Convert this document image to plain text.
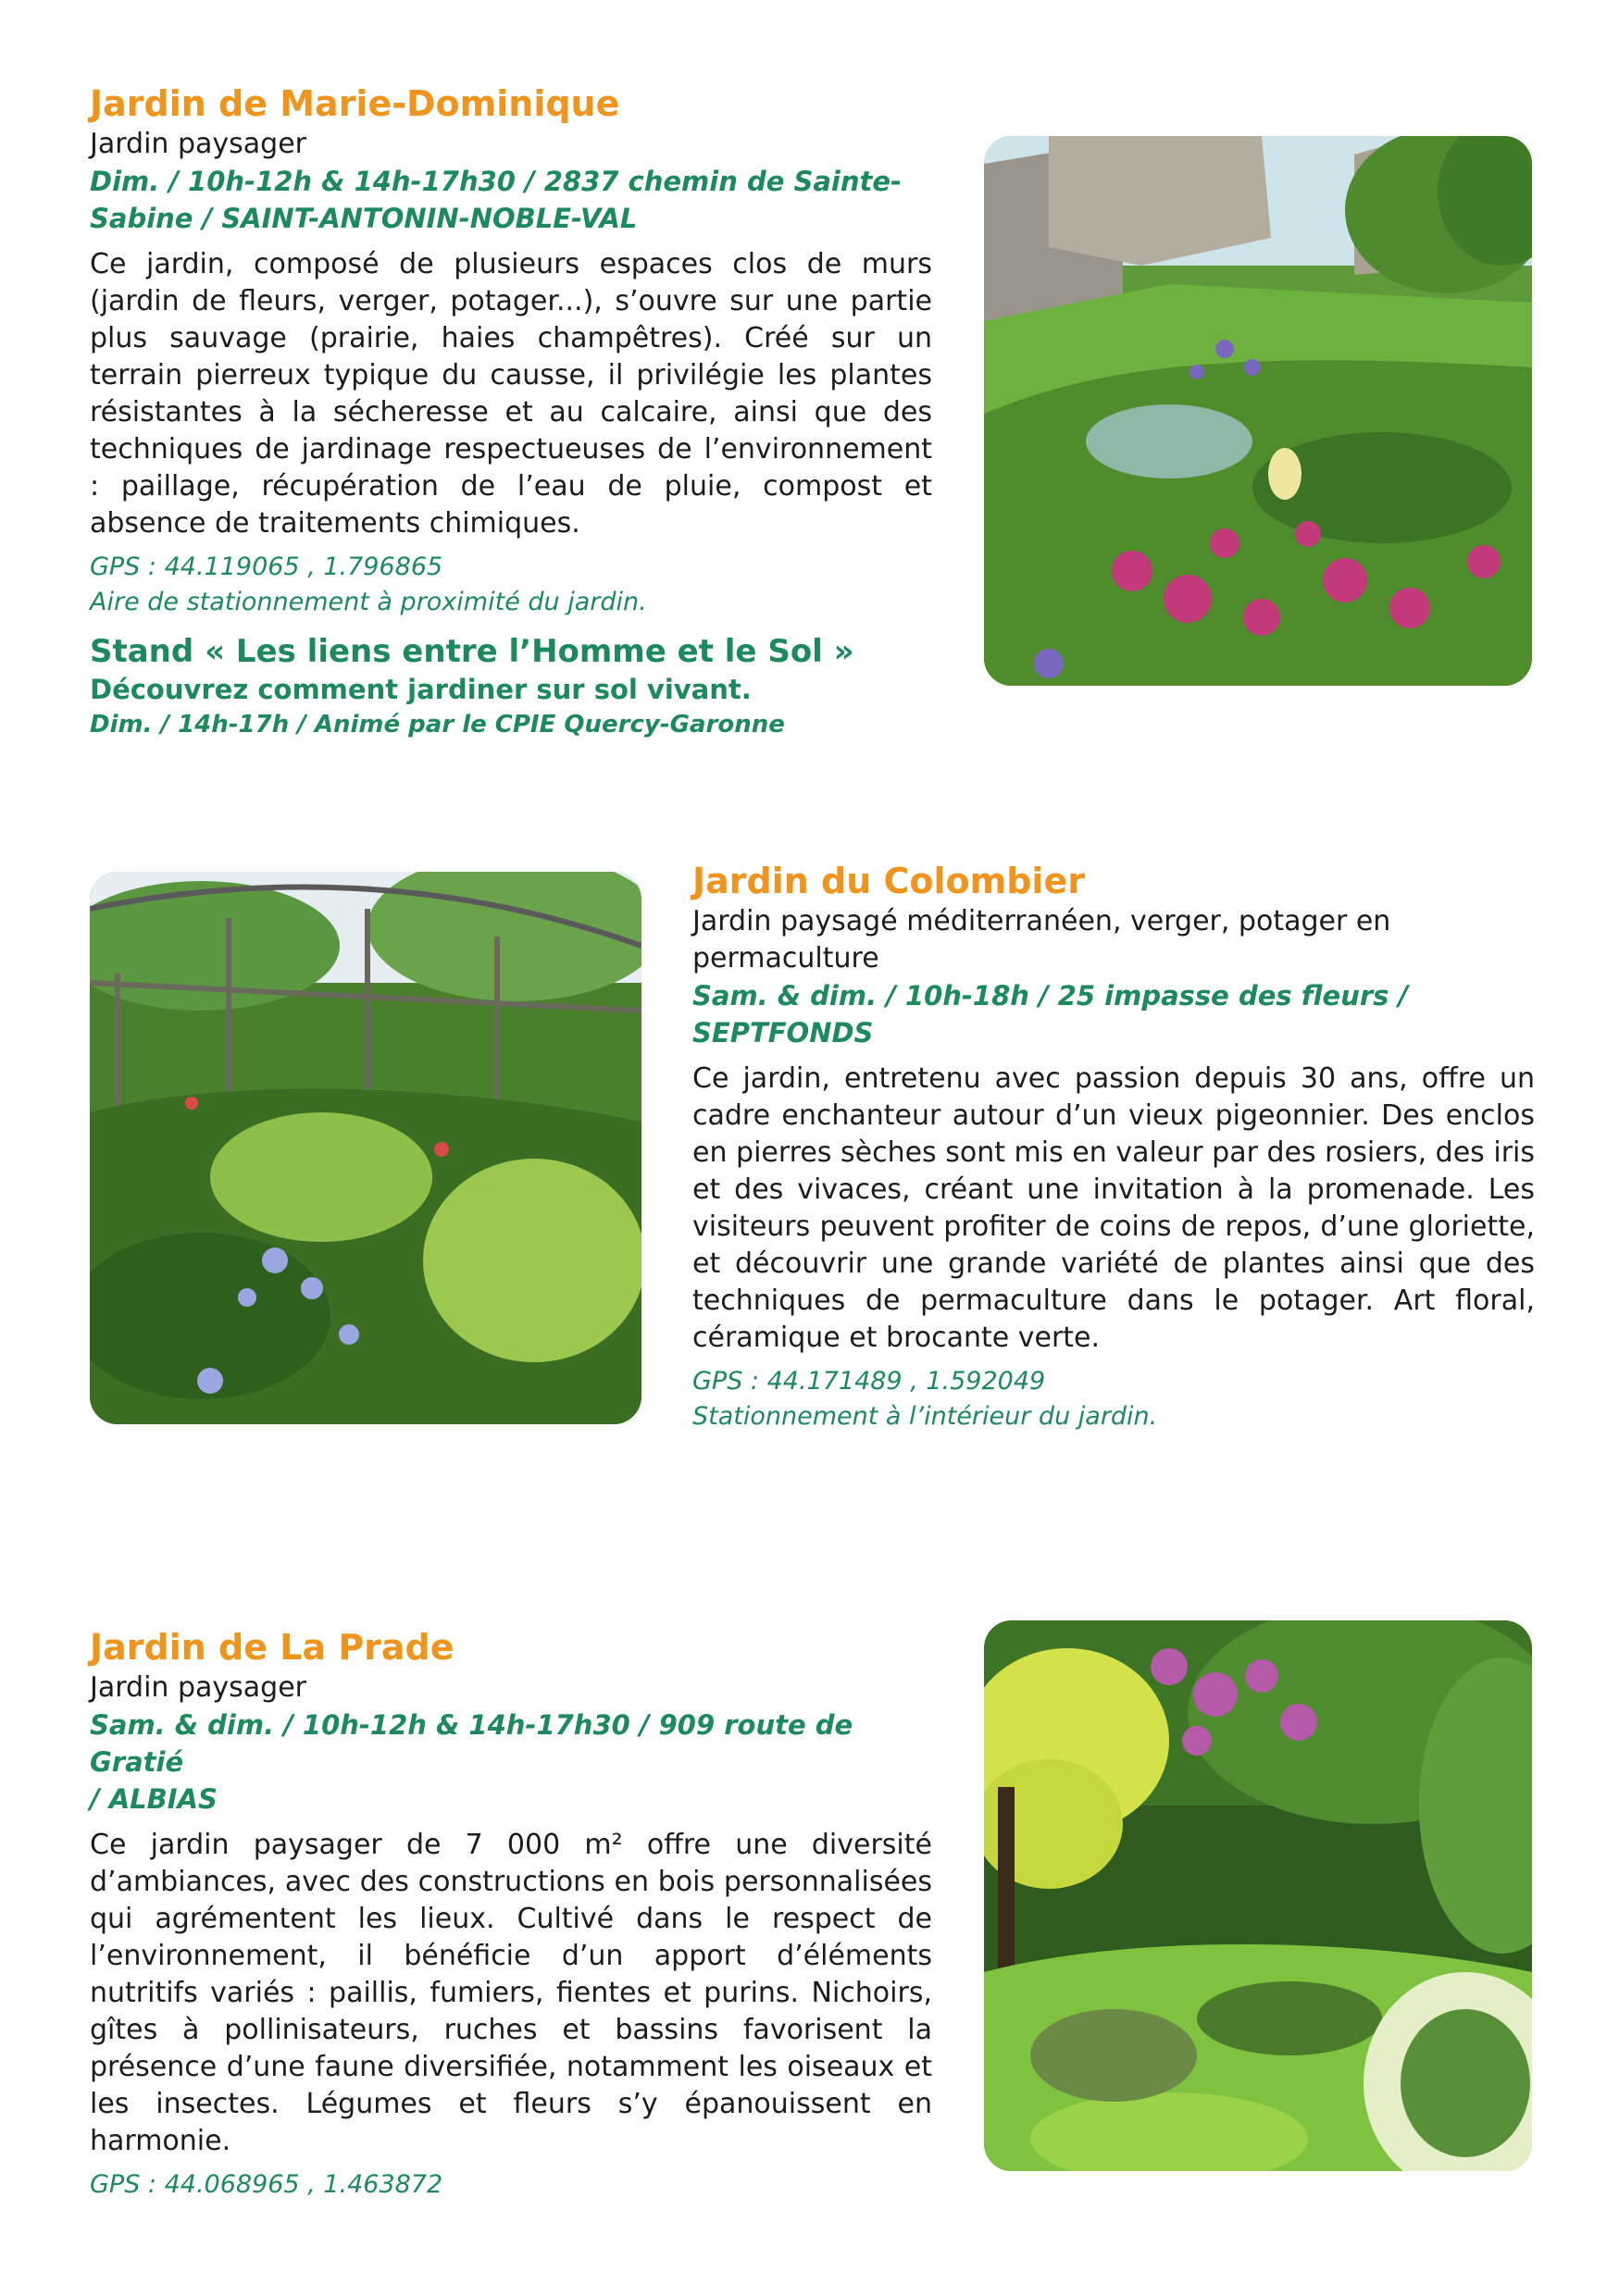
Jardin de Marie-Dominique

Jardin paysager

Dim. / 10h-12h & 14h-17h30 / 2837 chemin de Sainte-

Sabine / SAINT-ANTONIN-NOBLE-VAL

Ce jardin, composé de plusieurs espaces clos de murs (jardin de fleurs, verger, potager...), s’ouvre sur une partie plus sauvage (prairie, haies champêtres). Créé sur un terrain pierreux typique du causse, il privilégie les plantes résistantes à la sécheresse et au calcaire, ainsi que des techniques de jardinage respectueuses de l’environnement : paillage, récupération de l’eau de pluie, compost et absence de traitements chimiques.

GPS : 44.119065 , 1.796865

Aire de stationnement à proximité du jardin.

Stand « Les liens entre l’Homme et le Sol »

Découvrez comment jardiner sur sol vivant.

Dim. / 14h-17h / Animé par le CPIE Quercy-Garonne

Jardin du Colombier

Jardin paysagé méditerranéen, verger, potager en permaculture

Sam. & dim. / 10h-18h / 25 impasse des fleurs /

SEPTFONDS

Ce jardin, entretenu avec passion depuis 30 ans, offre un cadre enchanteur autour d’un vieux pigeonnier. Des enclos en pierres sèches sont mis en valeur par des rosiers, des iris et des vivaces, créant une invitation à la promenade. Les visiteurs peuvent profiter de coins de repos, d’une gloriette, et découvrir une grande variété de plantes ainsi que des techniques de permaculture dans le potager. Art floral, céramique et brocante verte.

GPS : 44.171489 , 1.592049

Stationnement à l’intérieur du jardin.

Jardin de La Prade

Jardin paysager

Sam. & dim. / 10h-12h & 14h-17h30 / 909 route de Gratié

/ ALBIAS

Ce jardin paysager de 7 000 m² offre une diversité d’ambiances, avec des constructions en bois personnalisées qui agrémentent les lieux. Cultivé dans le respect de l’environnement, il bénéficie d’un apport d’éléments nutritifs variés : paillis, fumiers, fientes et purins. Nichoirs, gîtes à pollinisateurs, ruches et bassins favorisent la présence d’une faune diversifiée, notamment les oiseaux et les insectes. Légumes et fleurs s’y épanouissent en harmonie.

GPS : 44.068965 , 1.463872
